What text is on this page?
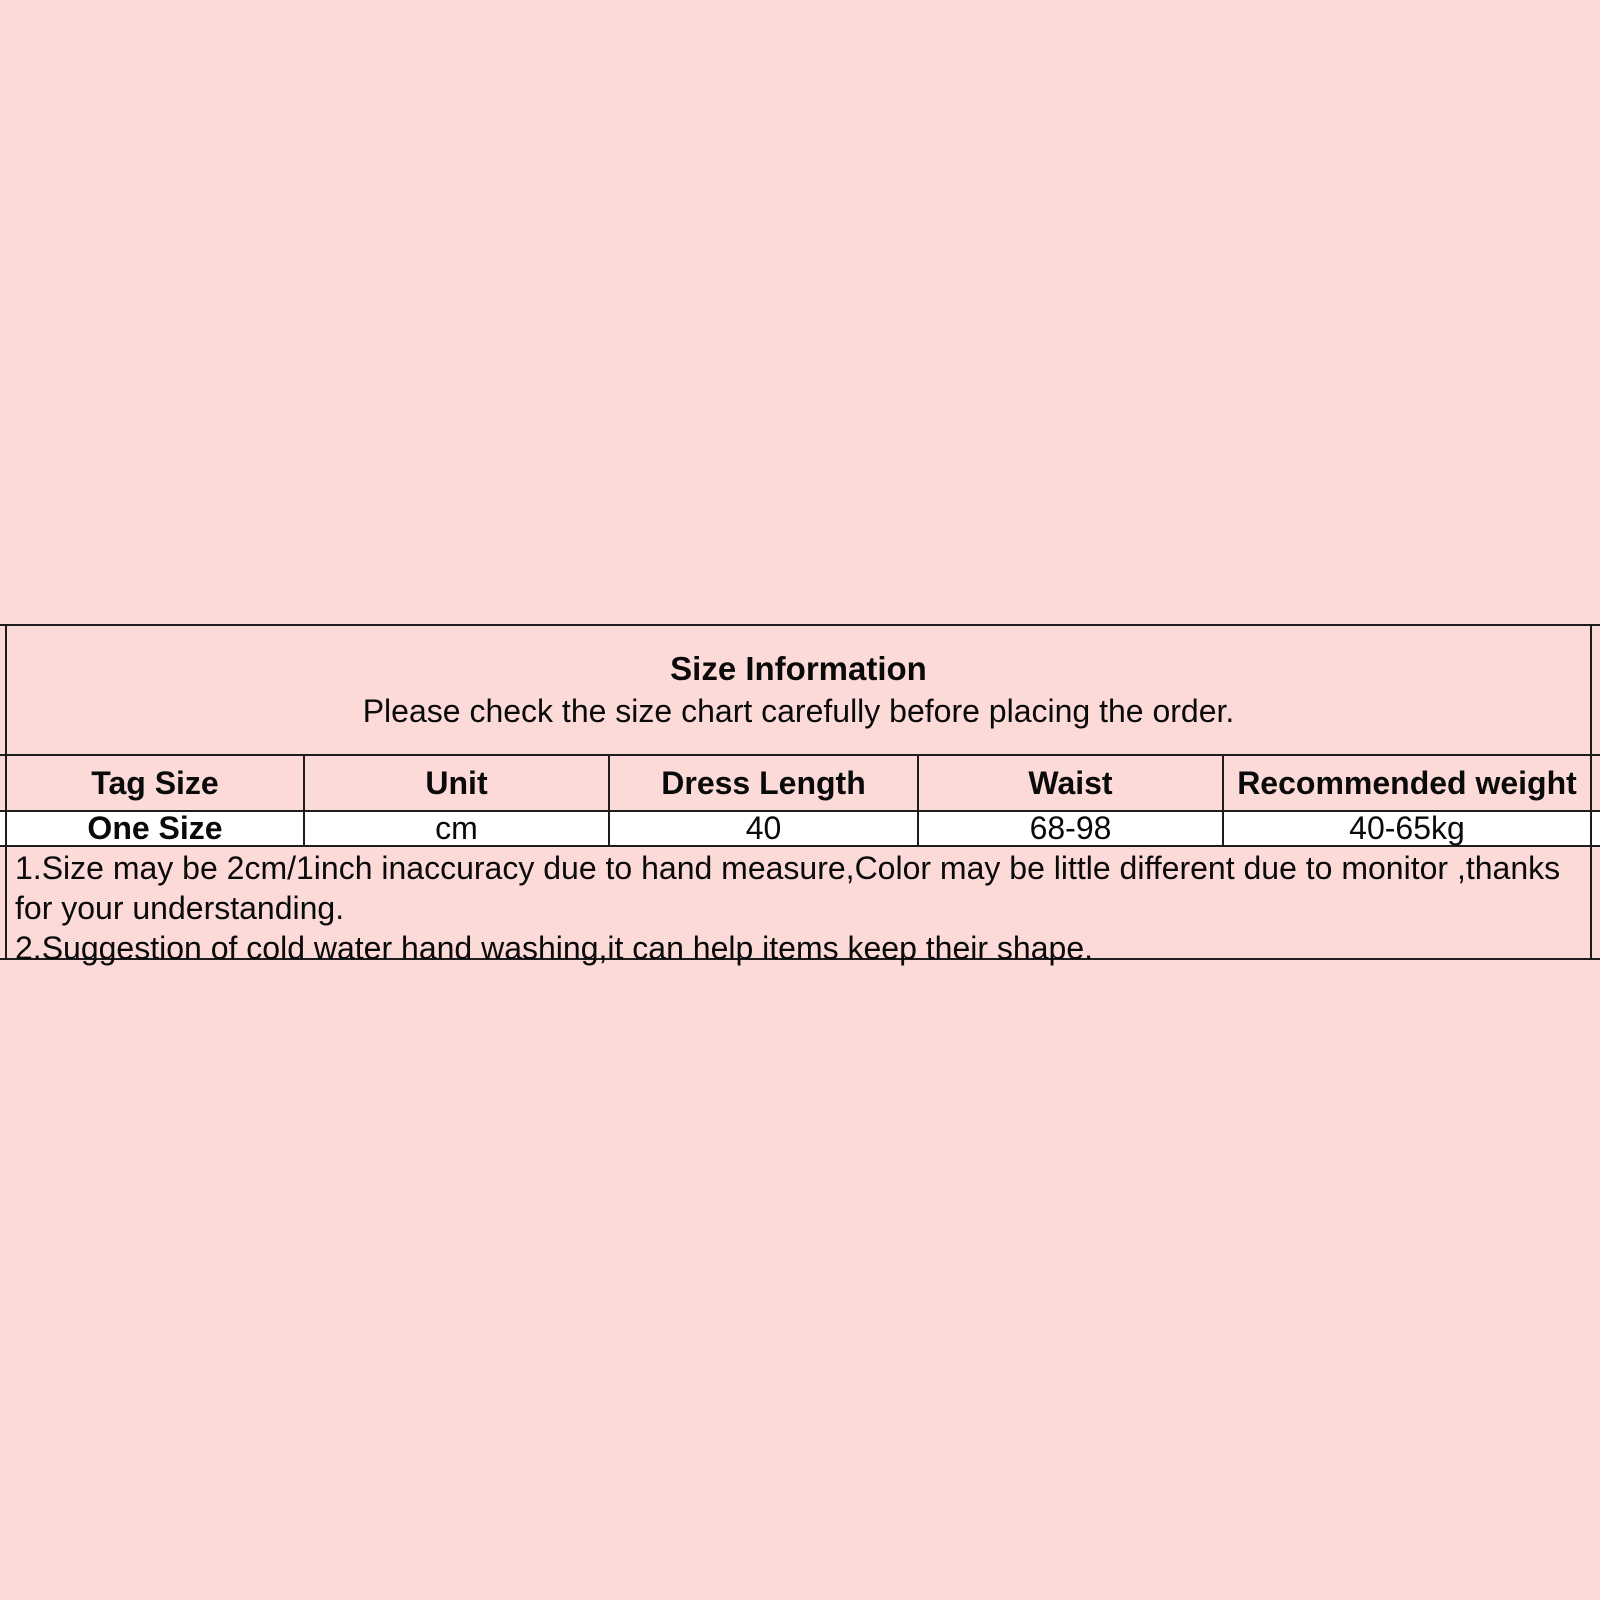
Size Information
Please check the size chart carefully before placing the order.
Tag Size	Unit	Dress Length	Waist	Recommended weight
One Size	cm	40	68-98	40-65kg
1.Size may be 2cm/1inch inaccuracy due to hand measure,Color may be little different due to monitor ,thanks for your understanding.
2.Suggestion of cold water hand washing,it can help items keep their shape.
